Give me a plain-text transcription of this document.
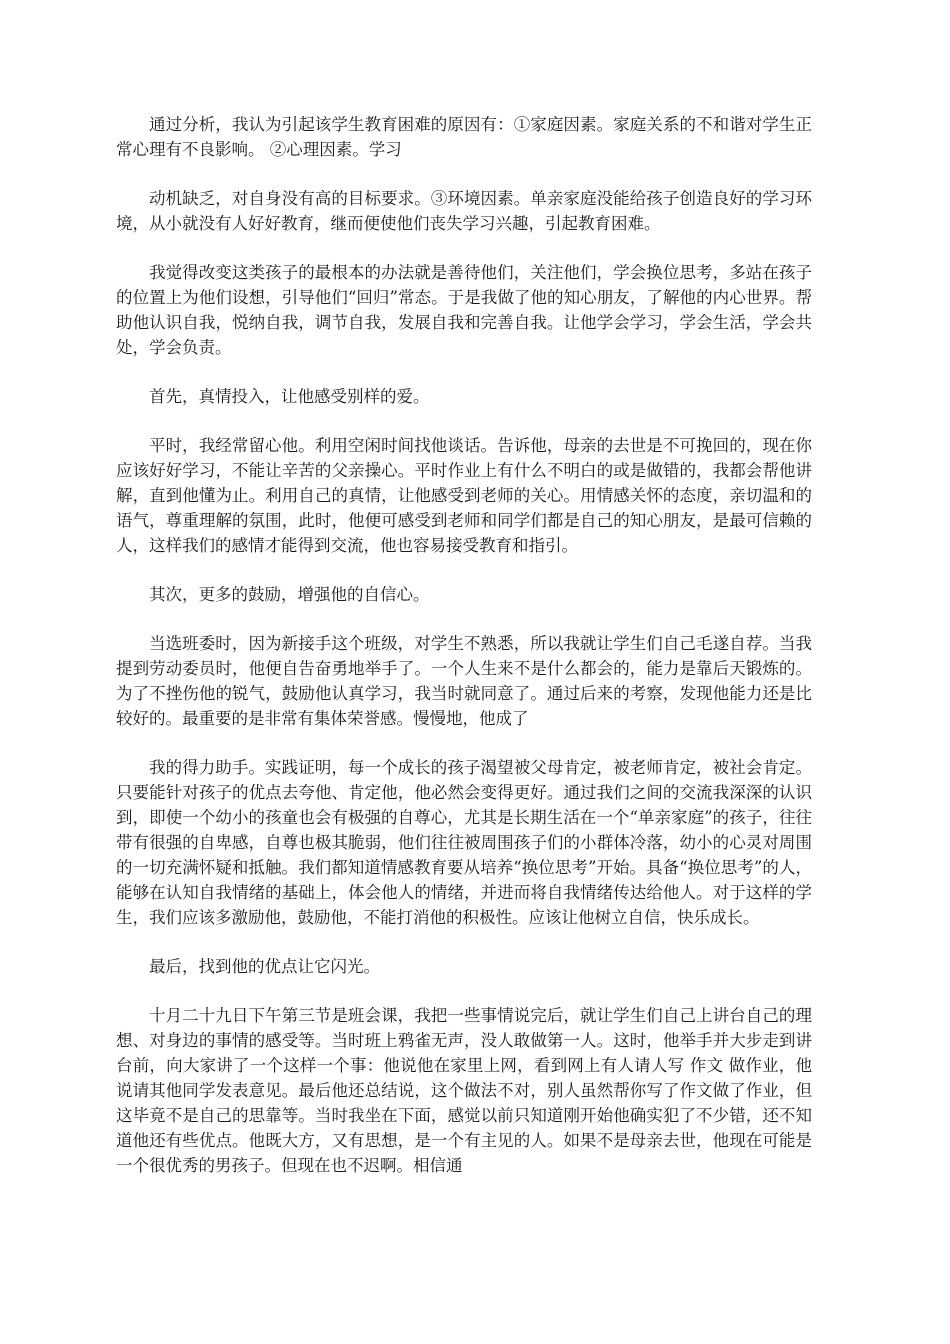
通过分析，我认为引起该学生教育困难的原因有：①家庭因素。家庭关系的不和谐对学生正常心理有不良影响。 ②心理因素。学习

动机缺乏，对自身没有高的目标要求。③环境因素。单亲家庭没能给孩子创造良好的学习环境，从小就没有人好好教育，继而便使他们丧失学习兴趣，引起教育困难。

我觉得改变这类孩子的最根本的办法就是善待他们，关注他们，学会换位思考，多站在孩子的位置上为他们设想，引导他们“回归”常态。于是我做了他的知心朋友，了解他的内心世界。帮助他认识自我，悦纳自我，调节自我，发展自我和完善自我。让他学会学习，学会生活，学会共处，学会负责。

首先，真情投入，让他感受别样的爱。

平时，我经常留心他。利用空闲时间找他谈话。告诉他，母亲的去世是不可挽回的，现在你应该好好学习，不能让辛苦的父亲操心。平时作业上有什么不明白的或是做错的，我都会帮他讲解，直到他懂为止。利用自己的真情，让他感受到老师的关心。用情感关怀的态度，亲切温和的语气，尊重理解的氛围，此时，他便可感受到老师和同学们都是自己的知心朋友，是最可信赖的人，这样我们的感情才能得到交流，他也容易接受教育和指引。

其次，更多的鼓励，增强他的自信心。

当选班委时，因为新接手这个班级，对学生不熟悉，所以我就让学生们自己毛遂自荐。当我提到劳动委员时，他便自告奋勇地举手了。一个人生来不是什么都会的，能力是靠后天锻炼的。为了不挫伤他的锐气，鼓励他认真学习，我当时就同意了。通过后来的考察，发现他能力还是比较好的。最重要的是非常有集体荣誉感。慢慢地，他成了

我的得力助手。实践证明，每一个成长的孩子渴望被父母肯定，被老师肯定，被社会肯定。只要能针对孩子的优点去夸他、肯定他，他必然会变得更好。通过我们之间的交流我深深的认识到，即使一个幼小的孩童也会有极强的自尊心，尤其是长期生活在一个“单亲家庭”的孩子，往往带有很强的自卑感，自尊也极其脆弱，他们往往被周围孩子们的小群体冷落，幼小的心灵对周围的一切充满怀疑和抵触。我们都知道情感教育要从培养“换位思考”开始。具备“换位思考”的人，能够在认知自我情绪的基础上，体会他人的情绪，并进而将自我情绪传达给他人。对于这样的学生，我们应该多激励他，鼓励他，不能打消他的积极性。应该让他树立自信，快乐成长。

最后，找到他的优点让它闪光。

十月二十九日下午第三节是班会课，我把一些事情说完后，就让学生们自己上讲台自己的理想、对身边的事情的感受等。当时班上鸦雀无声，没人敢做第一人。这时，他举手并大步走到讲台前，向大家讲了一个这样一个事：他说他在家里上网，看到网上有人请人写 作文 做作业，他说请其他同学发表意见。最后他还总结说，这个做法不对，别人虽然帮你写了作文做了作业，但这毕竟不是自己的思靠等。当时我坐在下面，感觉以前只知道刚开始他确实犯了不少错，还不知道他还有些优点。他既大方，又有思想，是一个有主见的人。如果不是母亲去世，他现在可能是一个很优秀的男孩子。但现在也不迟啊。相信通
